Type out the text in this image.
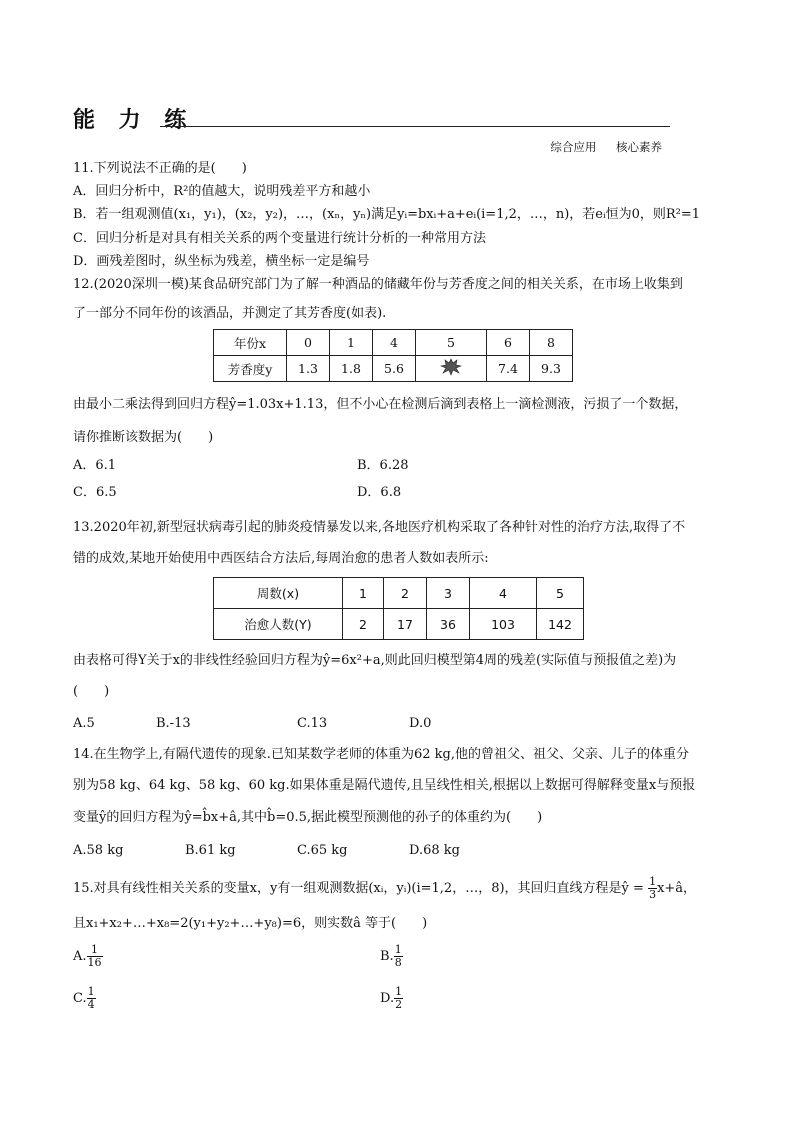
能 力 练
综合应用 核心素养
11.下列说法不正确的是(　　)
A．回归分析中，R²的值越大，说明残差平方和越小
B．若一组观测值(x₁，y₁)，(x₂，y₂)，…，(xₙ，yₙ)满足yᵢ=bxᵢ+a+eᵢ(i=1,2，…，n)，若eᵢ恒为0，则R²=1
C．回归分析是对具有相关关系的两个变量进行统计分析的一种常用方法
D．画残差图时，纵坐标为残差，横坐标一定是编号
12.(2020深圳一模)某食品研究部门为了解一种酒品的储藏年份与芳香度之间的相关关系，在市场上收集到
了一部分不同年份的该酒品，并测定了其芳香度(如表).
年份x	0	1	4	5	6	8
芳香度y	1.3	1.8	5.6		7.4	9.3
由最小二乘法得到回归方程ŷ=1.03x+1.13，但不小心在检测后滴到表格上一滴检测液，污损了一个数据，
请你推断该数据为(　　)
A．6.1	B．6.28
C．6.5	D．6.8
13.2020年初,新型冠状病毒引起的肺炎疫情暴发以来,各地医疗机构采取了各种针对性的治疗方法,取得了不
错的成效,某地开始使用中西医结合方法后,每周治愈的患者人数如表所示:
周数(x)	1	2	3	4	5
治愈人数(Y)	2	17	36	103	142
由表格可得Y关于x的非线性经验回归方程为ŷ=6x²+a,则此回归模型第4周的残差(实际值与预报值之差)为
(　　)
A.5	B.-13	C.13	D.0
14.在生物学上,有隔代遗传的现象.已知某数学老师的体重为62 kg,他的曾祖父、祖父、父亲、儿子的体重分
别为58 kg、64 kg、58 kg、60 kg.如果体重是隔代遗传,且呈线性相关,根据以上数据可得解释变量x与预报
变量ŷ的回归方程为ŷ=b̂x+â,其中b̂=0.5,据此模型预测他的孙子的体重约为(　　)
A.58 kg	B.61 kg	C.65 kg	D.68 kg
15.对具有线性相关关系的变量x，y有一组观测数据(xᵢ，yᵢ)(i=1,2，…，8)，其回归直线方程是ŷ = $\frac{1}{3}$ x+â，
且x₁+x₂+…+x₈=2(y₁+y₂+…+y₈)=6，则实数â 等于(　　)
A. $\frac{1}{16}$	B. $\frac{1}{8}$
C. $\frac{1}{4}$	D. $\frac{1}{2}$
